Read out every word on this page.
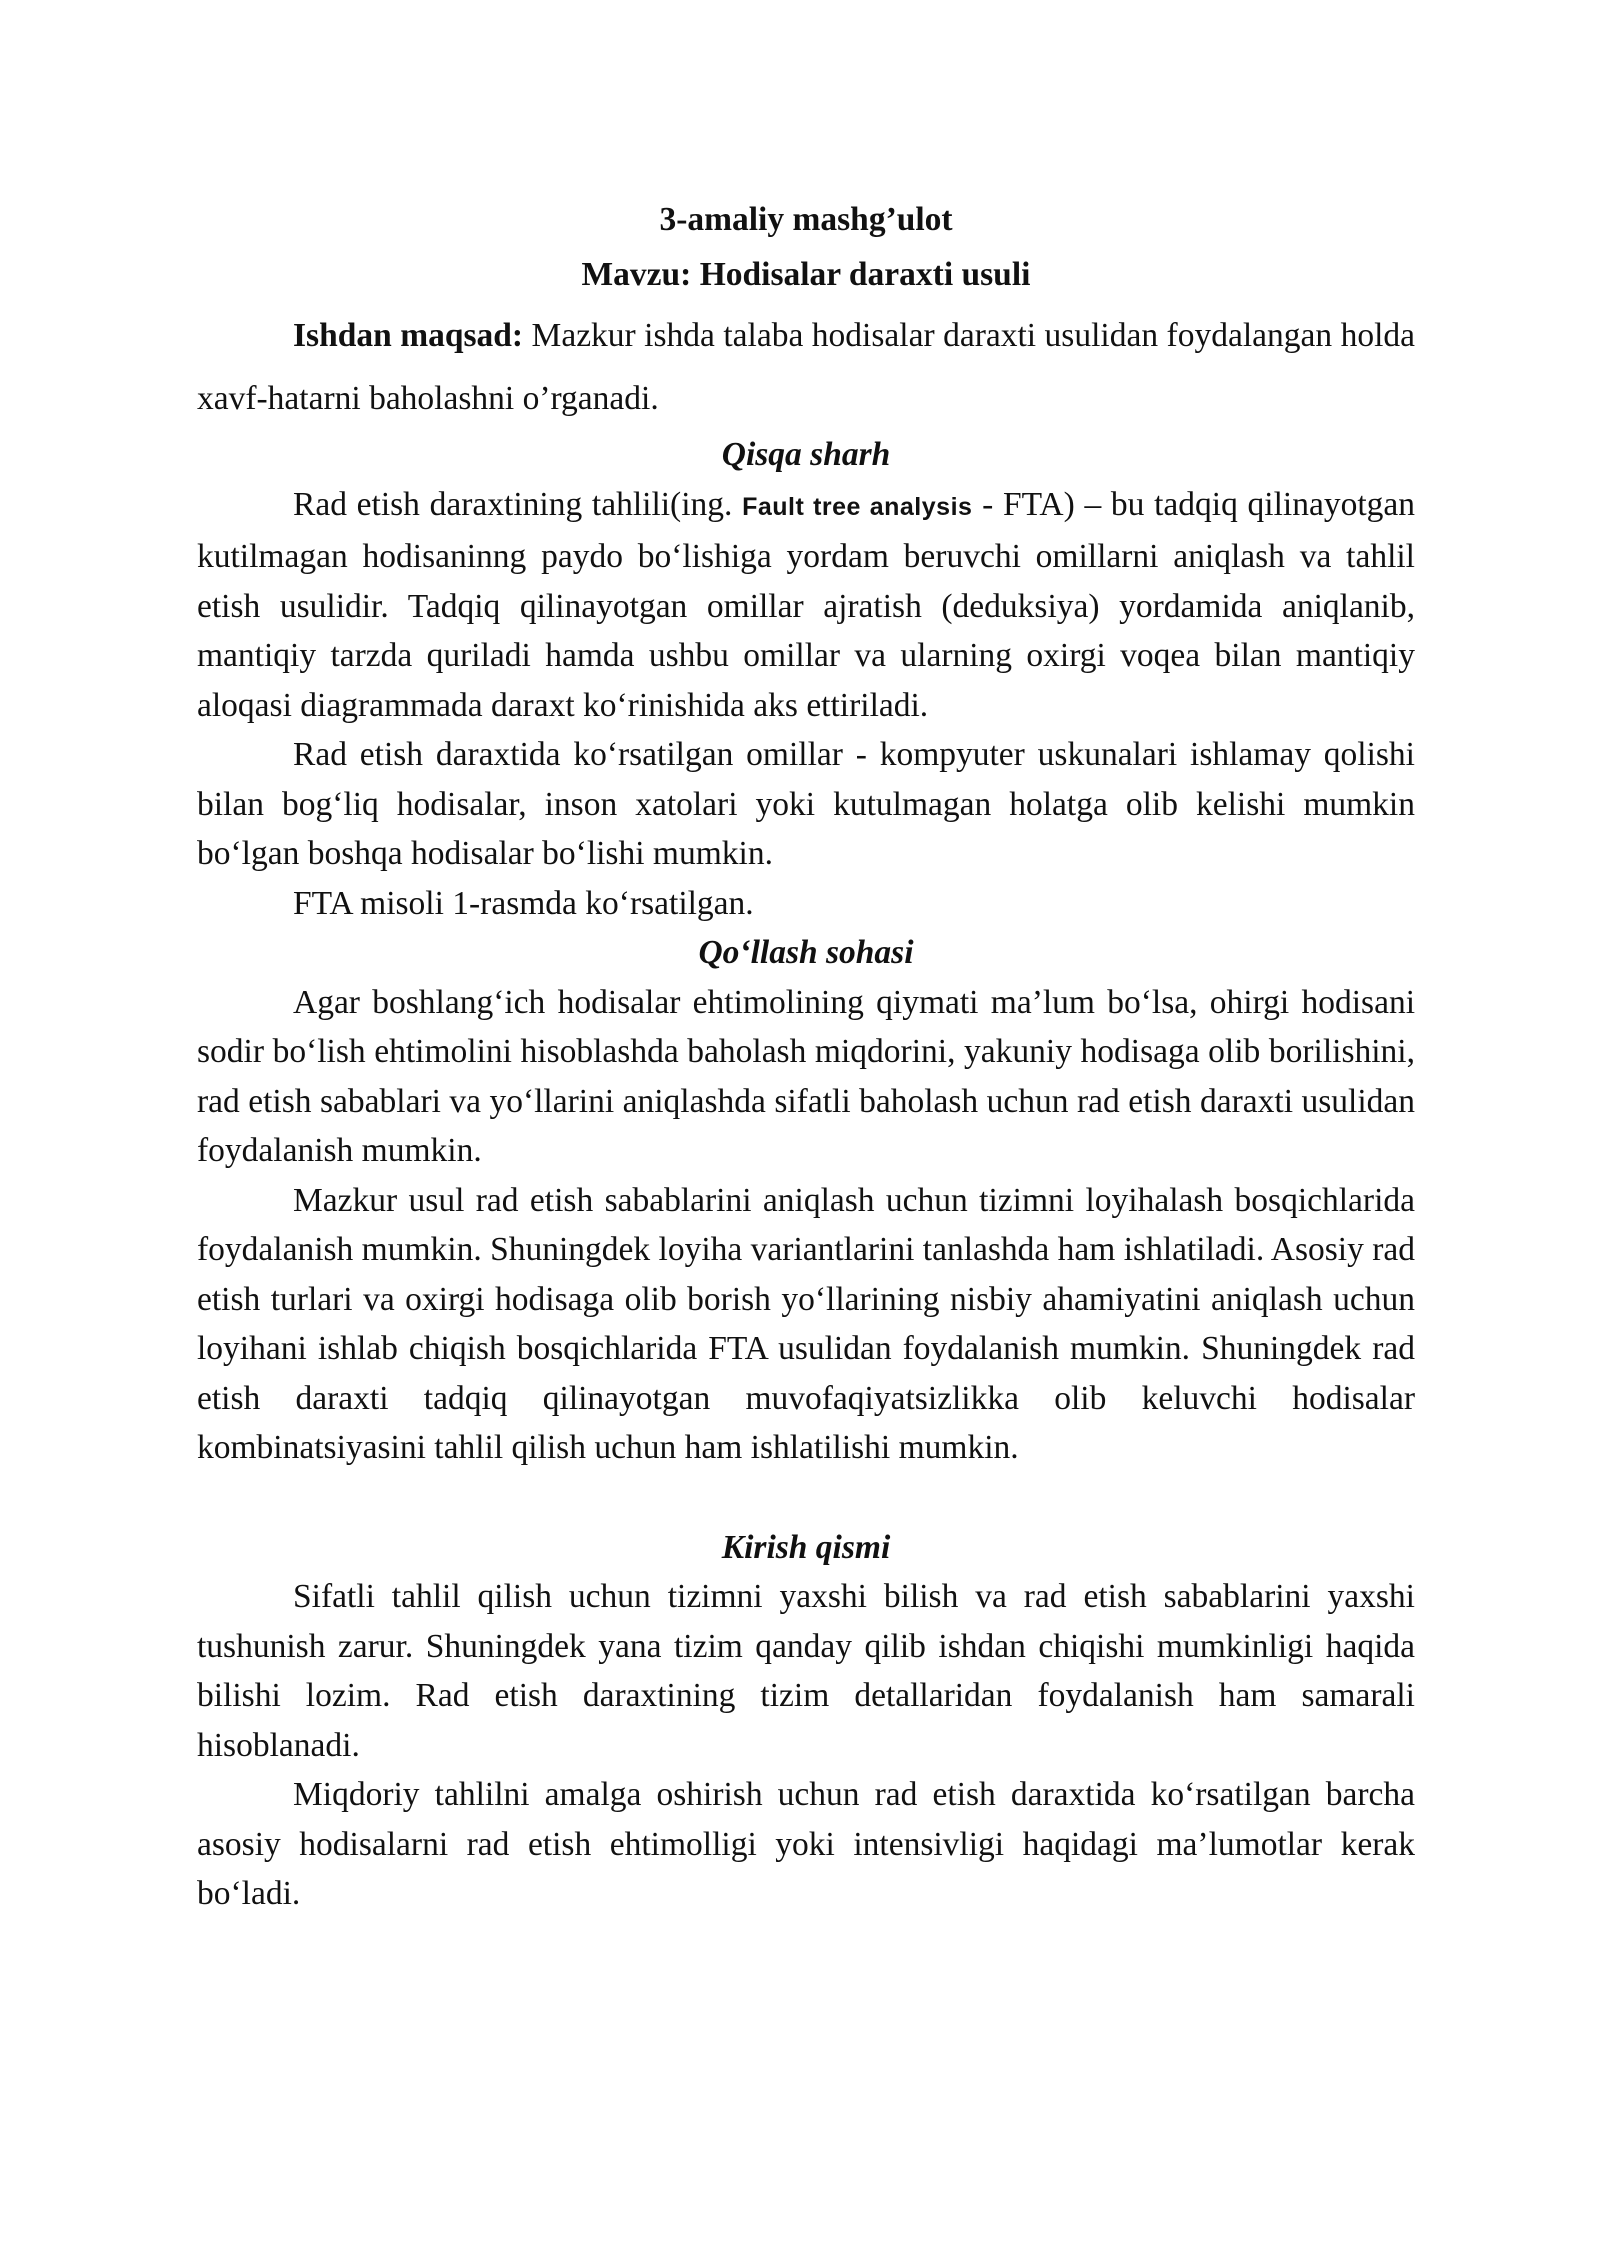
3-amaliy mashg’ulot
Mavzu: Hodisalar daraxti usuli

Ishdan maqsad: Mazkur ishda talaba hodisalar daraxti usulidan foydalangan holda xavf-hatarni baholashni o’rganadi.

Qisqa sharh

Rad etish daraxtining tahlili(ing. Fault tree analysis - FTA) – bu tadqiq qilinayotgan kutilmagan hodisaninng paydo bo‘lishiga yordam beruvchi omillarni aniqlash va tahlil etish usulidir. Tadqiq qilinayotgan omillar ajratish (deduksiya) yordamida aniqlanib, mantiqiy tarzda quriladi hamda ushbu omillar va ularning oxirgi voqea bilan mantiqiy aloqasi diagrammada daraxt ko‘rinishida aks ettiriladi.

Rad etish daraxtida ko‘rsatilgan omillar - kompyuter uskunalari ishlamay qolishi bilan bog‘liq hodisalar, inson xatolari yoki kutulmagan holatga olib kelishi mumkin bo‘lgan boshqa hodisalar bo‘lishi mumkin.

FTA misoli 1-rasmda ko‘rsatilgan.

Qo‘llash sohasi

Agar boshlang‘ich hodisalar ehtimolining qiymati ma’lum bo‘lsa, ohirgi hodisani sodir bo‘lish ehtimolini hisoblashda baholash miqdorini, yakuniy hodisaga olib borilishini, rad etish sabablari va yo‘llarini aniqlashda sifatli baholash uchun rad etish daraxti usulidan foydalanish mumkin.

Mazkur usul rad etish sabablarini aniqlash uchun tizimni loyihalash bosqichlarida foydalanish mumkin. Shuningdek loyiha variantlarini tanlashda ham ishlatiladi. Asosiy rad etish turlari va oxirgi hodisaga olib borish yo‘llarining nisbiy ahamiyatini aniqlash uchun loyihani ishlab chiqish bosqichlarida FTA usulidan foydalanish mumkin. Shuningdek rad etish daraxti tadqiq qilinayotgan muvofaqiyatsizlikka olib keluvchi hodisalar kombinatsiyasini tahlil qilish uchun ham ishlatilishi mumkin.

Kirish qismi

Sifatli tahlil qilish uchun tizimni yaxshi bilish va rad etish sabablarini yaxshi tushunish zarur. Shuningdek yana tizim qanday qilib ishdan chiqishi mumkinligi haqida bilishi lozim. Rad etish daraxtining tizim detallaridan foydalanish ham samarali hisoblanadi.

Miqdoriy tahlilni amalga oshirish uchun rad etish daraxtida ko‘rsatilgan barcha asosiy hodisalarni rad etish ehtimolligi yoki intensivligi haqidagi ma’lumotlar kerak bo‘ladi.
